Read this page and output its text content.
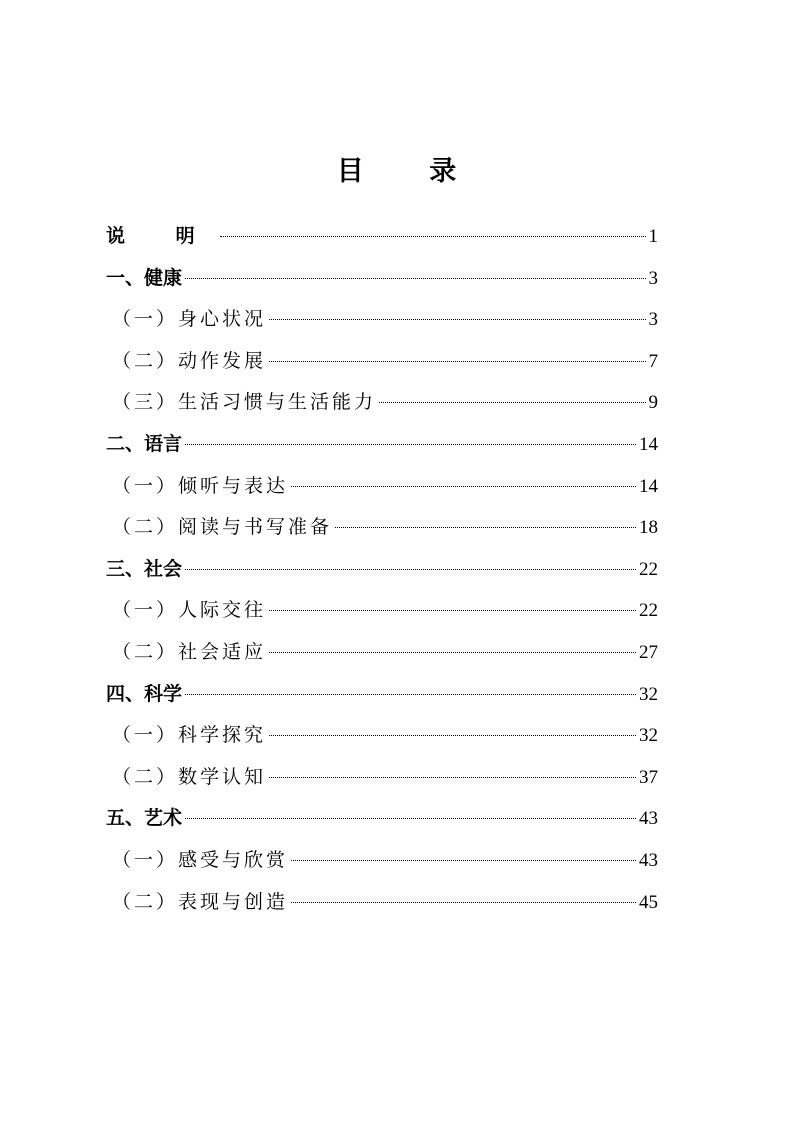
目 录
说 明	1
一、健康	3
（一）身心状况	3
（二）动作发展	7
（三）生活习惯与生活能力	9
二、语言	14
（一）倾听与表达	14
（二）阅读与书写准备	18
三、社会	22
（一）人际交往	22
（二）社会适应	27
四、科学	32
（一）科学探究	32
（二）数学认知	37
五、艺术	43
（一）感受与欣赏	43
（二）表现与创造	45
